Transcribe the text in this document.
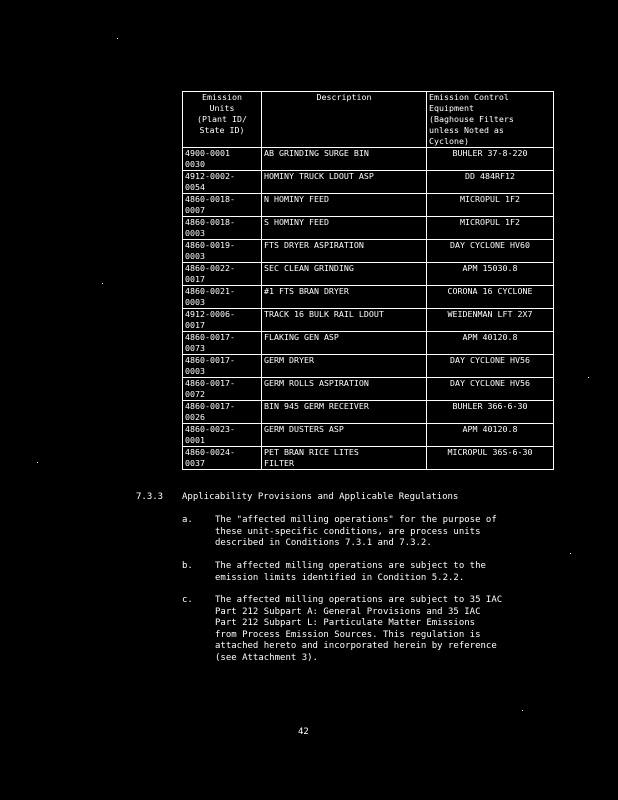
Emission
Units
(Plant ID/
State ID)	Description	Emission Control
Equipment
(Baghouse Filters
unless Noted as
Cyclone)
4900-0001
0030	AB GRINDING SURGE BIN	BUHLER 37-8-220
4912-0002-
0054	HOMINY TRUCK LDOUT ASP	DD 484RF12
4860-0018-
0007	N HOMINY FEED	MICROPUL 1F2
4860-0018-
0003	S HOMINY FEED	MICROPUL 1F2
4860-0019-
0003	FTS DRYER ASPIRATION	DAY CYCLONE HV60
4860-0022-
0017	SEC CLEAN GRINDING	APM 15030.8
4860-0021-
0003	#1 FTS BRAN DRYER	CORONA 16 CYCLONE
4912-0006-
0017	TRACK 16 BULK RAIL LDOUT	WEIDENMAN LFT 2X7
4860-0017-
0073	FLAKING GEN ASP	APM 40120.8
4860-0017-
0003	GERM DRYER	DAY CYCLONE HV56
4860-0017-
0072	GERM ROLLS ASPIRATION	DAY CYCLONE HV56
4860-0017-
0026	BIN 945 GERM RECEIVER	BUHLER 366-6-30
4860-0023-
0001	GERM DUSTERS ASP	APM 40120.8
4860-0024-
0037	PET BRAN RICE LITES
FILTER	MICROPUL 36S-6-30
7.3.3 Applicability Provisions and Applicable Regulations
a. The "affected milling operations" for the purpose of
these unit-specific conditions, are process units
described in Conditions 7.3.1 and 7.3.2.
b. The affected milling operations are subject to the
emission limits identified in Condition 5.2.2.
c. The affected milling operations are subject to 35 IAC
Part 212 Subpart A: General Provisions and 35 IAC
Part 212 Subpart L: Particulate Matter Emissions
from Process Emission Sources. This regulation is
attached hereto and incorporated herein by reference
(see Attachment 3).
42
